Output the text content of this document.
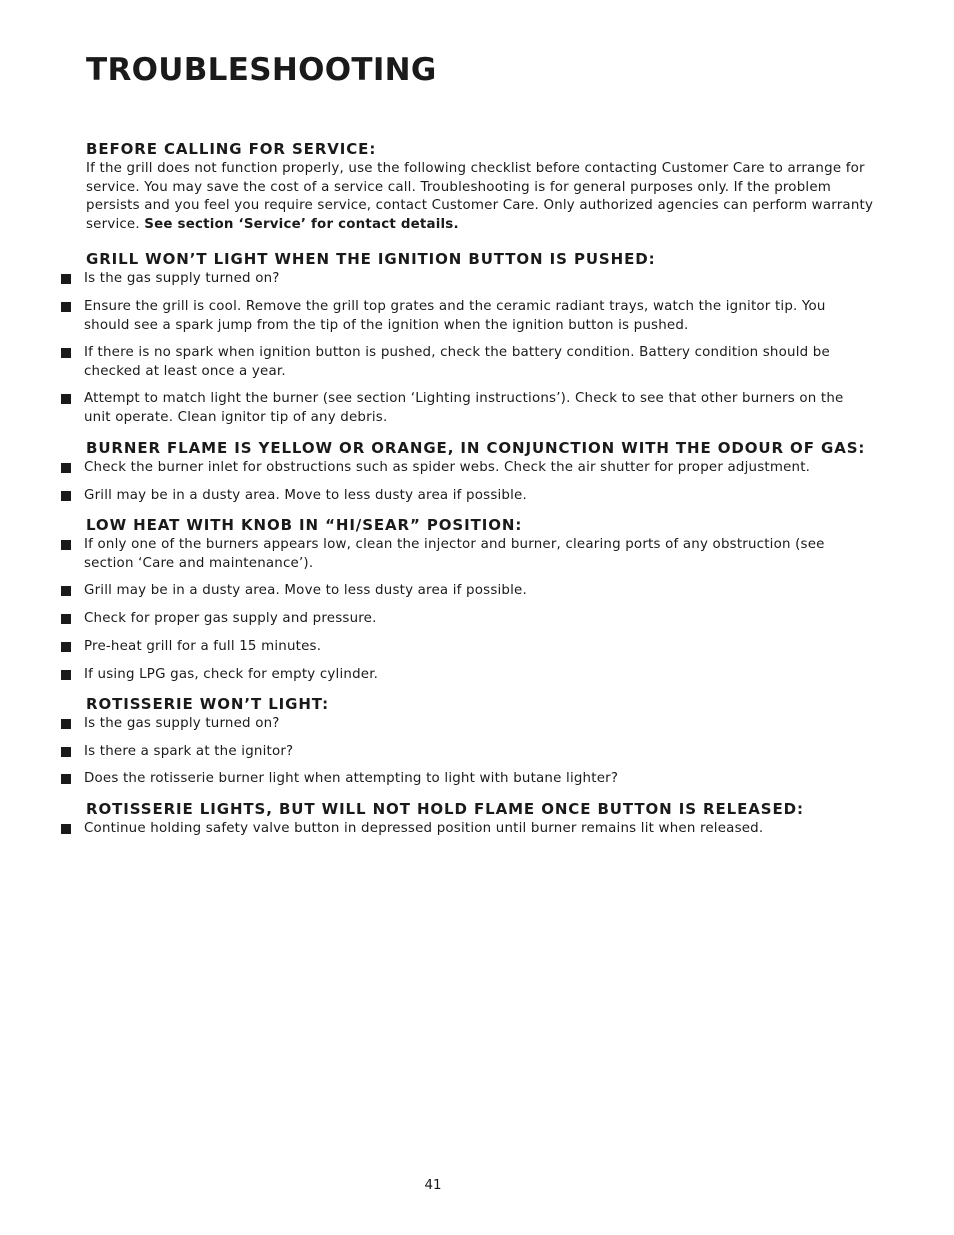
TROUBLESHOOTING
BEFORE CALLING FOR SERVICE:

If the grill does not function properly, use the following checklist before contacting Customer Care to arrange for service. You may save the cost of a service call. Troubleshooting is for general purposes only. If the problem persists and you feel you require service, contact Customer Care. Only authorized agencies can perform warranty service. See section ‘Service’ for contact details.

GRILL WON’T LIGHT WHEN THE IGNITION BUTTON IS PUSHED:
Is the gas supply turned on?
Ensure the grill is cool. Remove the grill top grates and the ceramic radiant trays, watch the ignitor tip. You should see a spark jump from the tip of the ignition when the ignition button is pushed.
If there is no spark when ignition button is pushed, check the battery condition. Battery condition should be checked at least once a year.
Attempt to match light the burner (see section ‘Lighting instructions’). Check to see that other burners on the unit operate. Clean ignitor tip of any debris.
BURNER FLAME IS YELLOW OR ORANGE, IN CONJUNCTION WITH THE ODOUR OF GAS:
Check the burner inlet for obstructions such as spider webs. Check the air shutter for proper adjustment.
Grill may be in a dusty area. Move to less dusty area if possible.
LOW HEAT WITH KNOB IN “HI/SEAR” POSITION:
If only one of the burners appears low, clean the injector and burner, clearing ports of any obstruction (see section ‘Care and maintenance’).
Grill may be in a dusty area. Move to less dusty area if possible.
Check for proper gas supply and pressure.
Pre-heat grill for a full 15 minutes.
If using LPG gas, check for empty cylinder.
ROTISSERIE WON’T LIGHT:
Is the gas supply turned on?
Is there a spark at the ignitor?
Does the rotisserie burner light when attempting to light with butane lighter?
ROTISSERIE LIGHTS, BUT WILL NOT HOLD FLAME ONCE BUTTON IS RELEASED:
Continue holding safety valve button in depressed position until burner remains lit when released.
41
